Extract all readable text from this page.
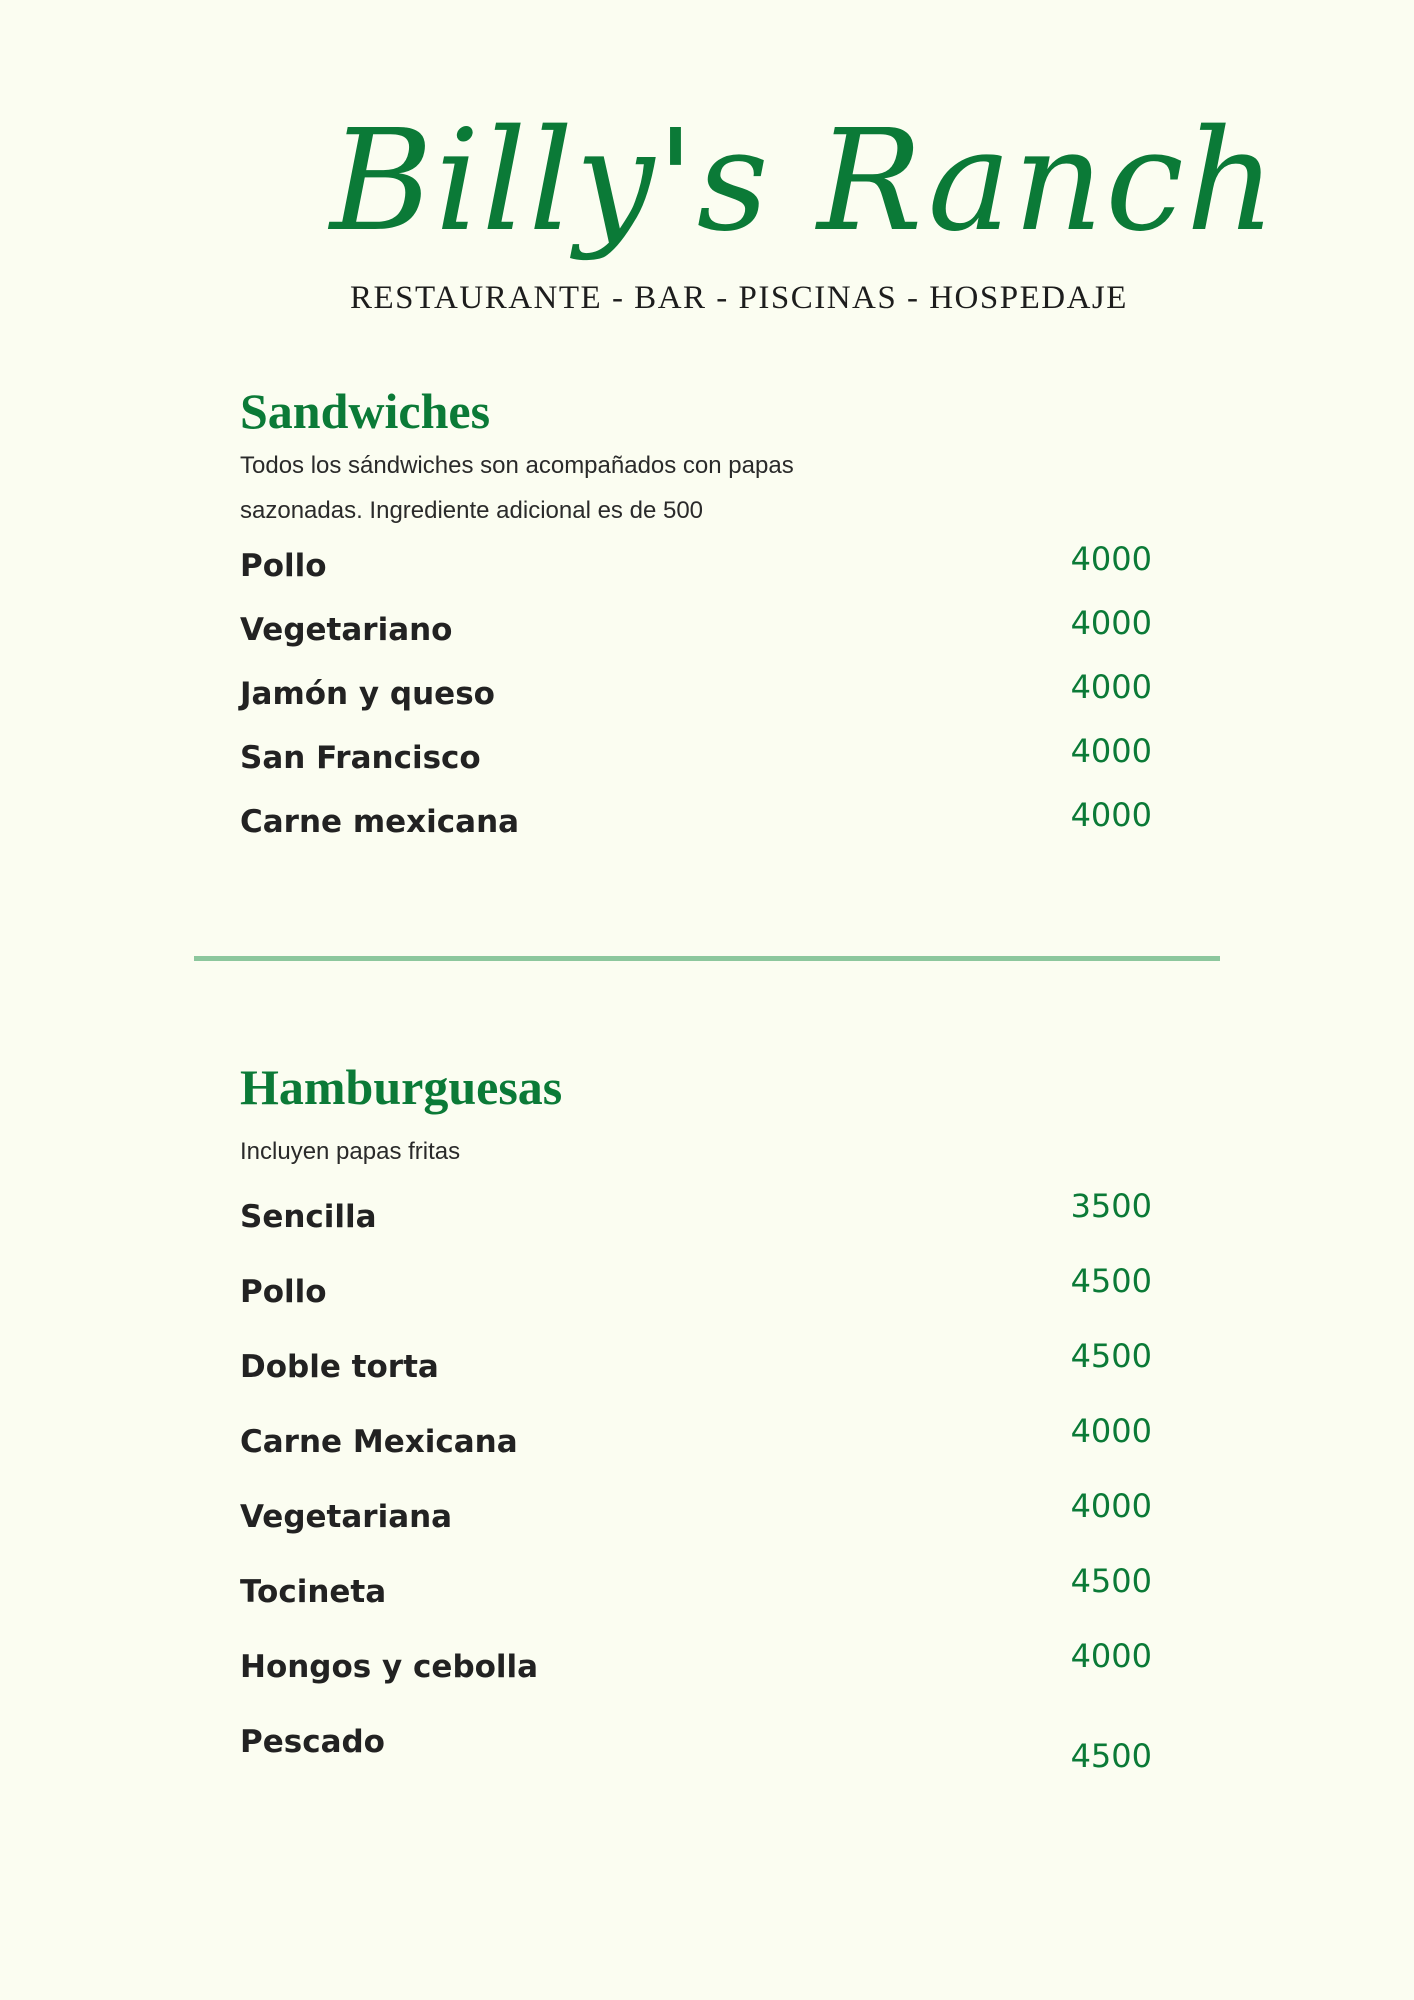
Billy's Ranch
RESTAURANTE - BAR - PISCINAS - HOSPEDAJE
Sandwiches
Todos los sándwiches son acompañados con papas
sazonadas. Ingrediente adicional es de 500
Pollo	4000
Vegetariano	4000
Jamón y queso	4000
San Francisco	4000
Carne mexicana	4000
Hamburguesas
Incluyen papas fritas
Sencilla	3500
Pollo	4500
Doble torta	4500
Carne Mexicana	4000
Vegetariana	4000
Tocineta	4500
Hongos y cebolla	4000
Pescado	4500
